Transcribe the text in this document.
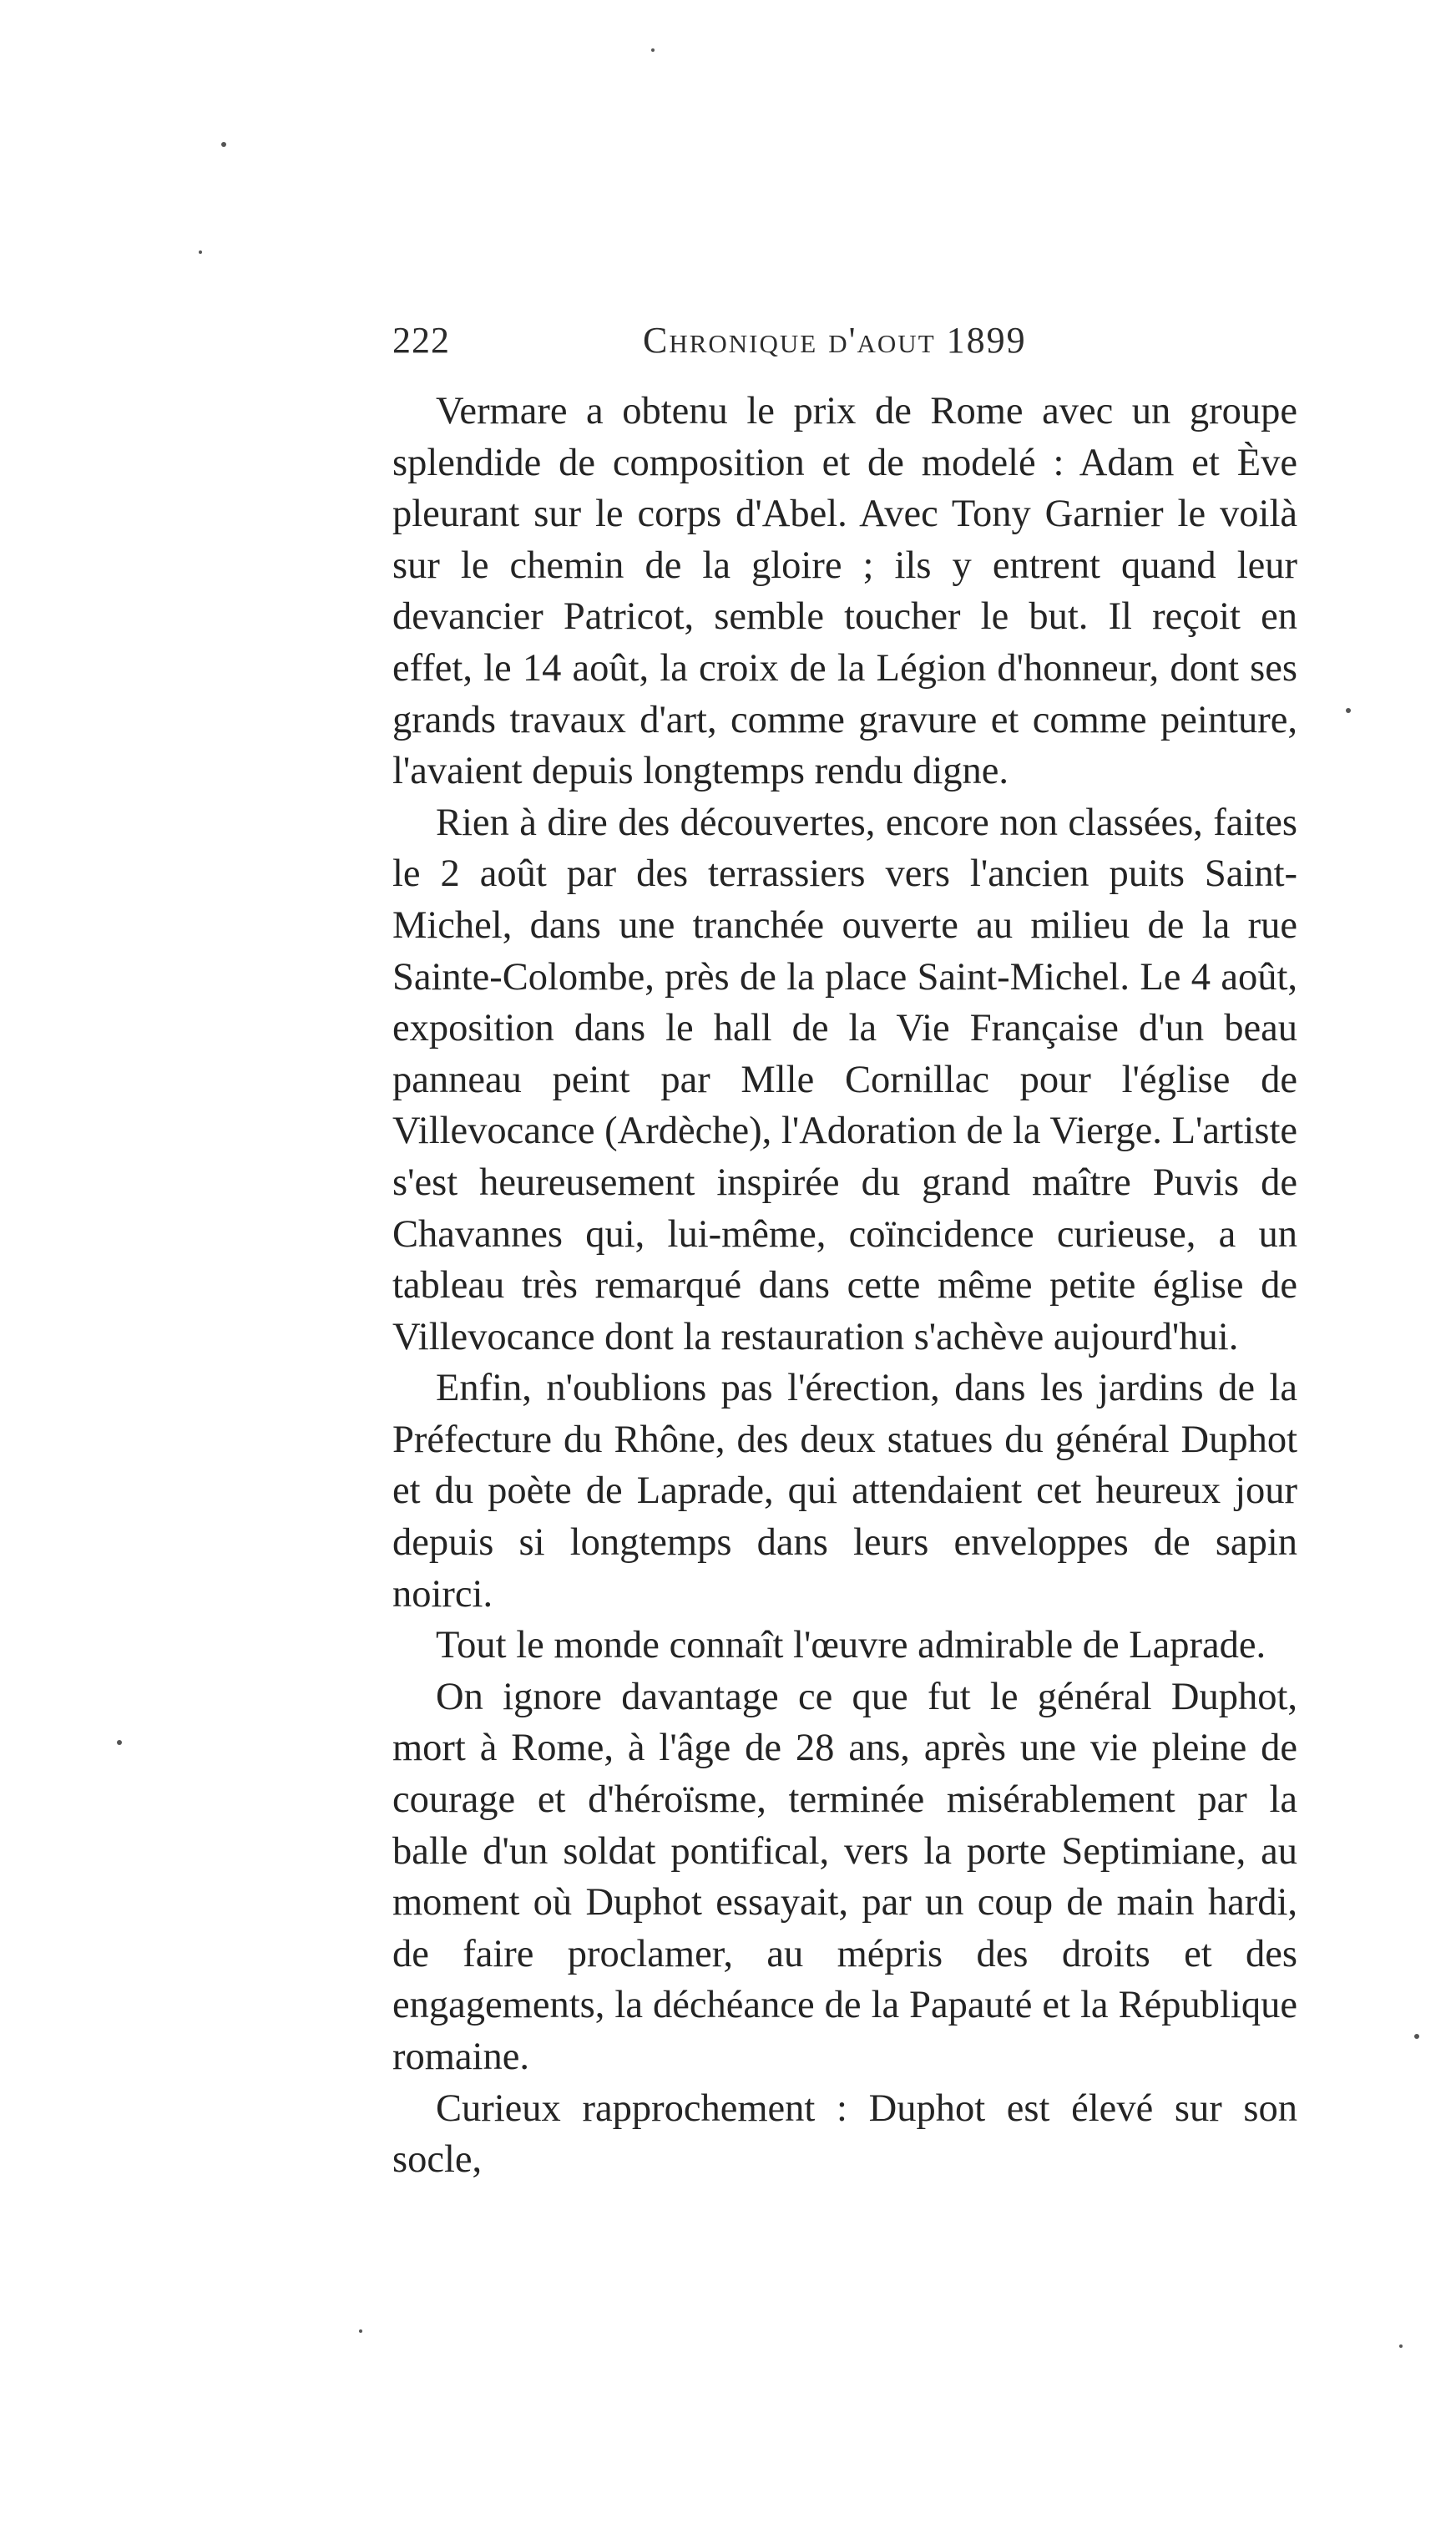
222	Chronique d'aout 1899

Vermare a obtenu le prix de Rome avec un groupe splendide de composition et de modelé : Adam et Ève pleurant sur le corps d'Abel. Avec Tony Garnier le voilà sur le chemin de la gloire ; ils y entrent quand leur devancier Patricot, semble toucher le but. Il reçoit en effet, le 14 août, la croix de la Légion d'honneur, dont ses grands travaux d'art, comme gravure et comme peinture, l'avaient depuis longtemps rendu digne.

Rien à dire des découvertes, encore non classées, faites le 2 août par des terrassiers vers l'ancien puits Saint-Michel, dans une tranchée ouverte au milieu de la rue Sainte-Colombe, près de la place Saint-Michel. Le 4 août, exposition dans le hall de la Vie Française d'un beau panneau peint par Mlle Cornillac pour l'église de Villevocance (Ardèche), l'Adoration de la Vierge. L'artiste s'est heureusement inspirée du grand maître Puvis de Chavannes qui, lui-même, coïncidence curieuse, a un tableau très remarqué dans cette même petite église de Villevocance dont la restauration s'achève aujourd'hui.

Enfin, n'oublions pas l'érection, dans les jardins de la Préfecture du Rhône, des deux statues du général Duphot et du poète de Laprade, qui attendaient cet heureux jour depuis si longtemps dans leurs enveloppes de sapin noirci.

Tout le monde connaît l'œuvre admirable de Laprade.

On ignore davantage ce que fut le général Duphot, mort à Rome, à l'âge de 28 ans, après une vie pleine de courage et d'héroïsme, terminée misérablement par la balle d'un soldat pontifical, vers la porte Septimiane, au moment où Duphot essayait, par un coup de main hardi, de faire proclamer, au mépris des droits et des engagements, la déchéance de la Papauté et la République romaine.

Curieux rapprochement : Duphot est élevé sur son socle,
